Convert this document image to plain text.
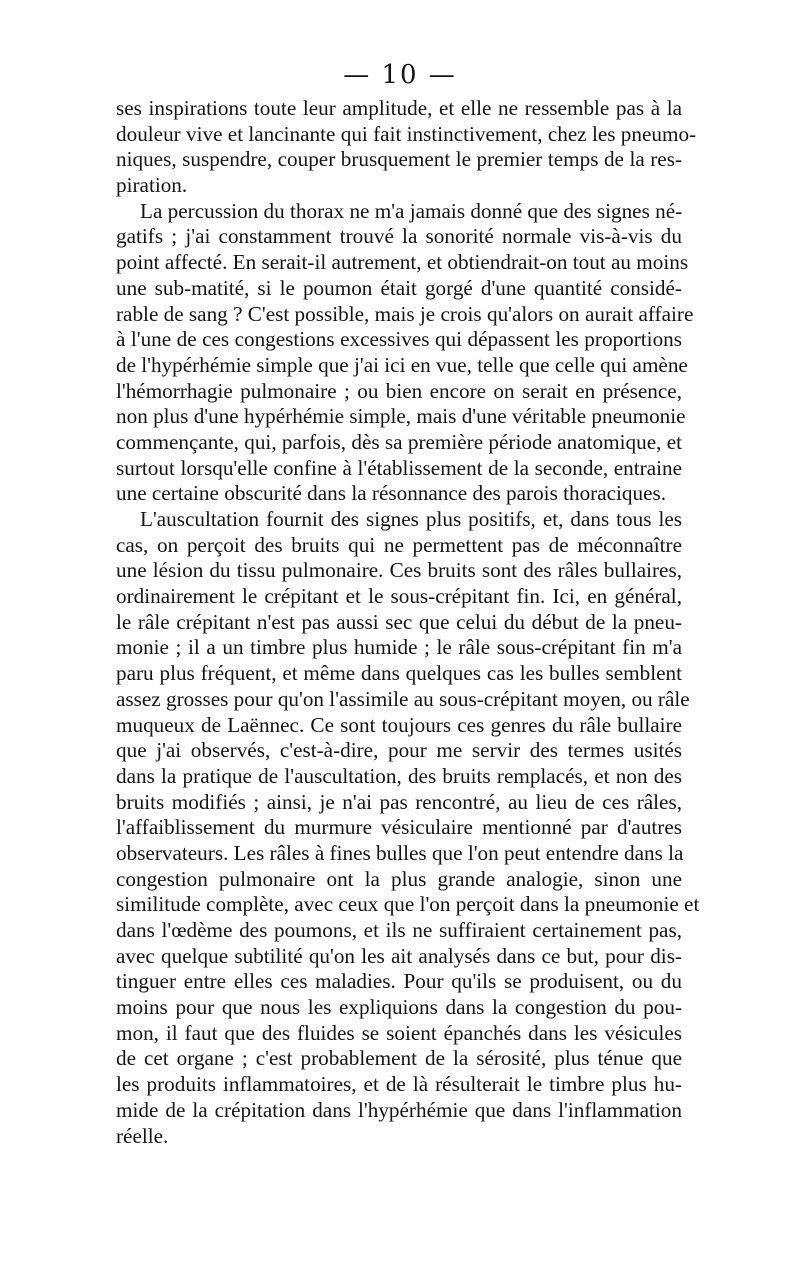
— 10 —
ses inspirations toute leur amplitude, et elle ne ressemble pas à la
douleur vive et lancinante qui fait instinctivement, chez les pneumo-
niques, suspendre, couper brusquement le premier temps de la res-
piration.
La percussion du thorax ne m'a jamais donné que des signes né-
gatifs ; j'ai constamment trouvé la sonorité normale vis-à-vis du
point affecté. En serait-il autrement, et obtiendrait-on tout au moins
une sub-matité, si le poumon était gorgé d'une quantité considé-
rable de sang ? C'est possible, mais je crois qu'alors on aurait affaire
à l'une de ces congestions excessives qui dépassent les proportions
de l'hypérhémie simple que j'ai ici en vue, telle que celle qui amène
l'hémorrhagie pulmonaire ; ou bien encore on serait en présence,
non plus d'une hypérhémie simple, mais d'une véritable pneumonie
commençante, qui, parfois, dès sa première période anatomique, et
surtout lorsqu'elle confine à l'établissement de la seconde, entraine
une certaine obscurité dans la résonnance des parois thoraciques.
L'auscultation fournit des signes plus positifs, et, dans tous les
cas, on perçoit des bruits qui ne permettent pas de méconnaître
une lésion du tissu pulmonaire. Ces bruits sont des râles bullaires,
ordinairement le crépitant et le sous-crépitant fin. Ici, en général,
le râle crépitant n'est pas aussi sec que celui du début de la pneu-
monie ; il a un timbre plus humide ; le râle sous-crépitant fin m'a
paru plus fréquent, et même dans quelques cas les bulles semblent
assez grosses pour qu'on l'assimile au sous-crépitant moyen, ou râle
muqueux de Laënnec. Ce sont toujours ces genres du râle bullaire
que j'ai observés, c'est-à-dire, pour me servir des termes usités
dans la pratique de l'auscultation, des bruits remplacés, et non des
bruits modifiés ; ainsi, je n'ai pas rencontré, au lieu de ces râles,
l'affaiblissement du murmure vésiculaire mentionné par d'autres
observateurs. Les râles à fines bulles que l'on peut entendre dans la
congestion pulmonaire ont la plus grande analogie, sinon une
similitude complète, avec ceux que l'on perçoit dans la pneumonie et
dans l'œdème des poumons, et ils ne suffiraient certainement pas,
avec quelque subtilité qu'on les ait analysés dans ce but, pour dis-
tinguer entre elles ces maladies. Pour qu'ils se produisent, ou du
moins pour que nous les expliquions dans la congestion du pou-
mon, il faut que des fluides se soient épanchés dans les vésicules
de cet organe ; c'est probablement de la sérosité, plus ténue que
les produits inflammatoires, et de là résulterait le timbre plus hu-
mide de la crépitation dans l'hypérhémie que dans l'inflammation
réelle.
